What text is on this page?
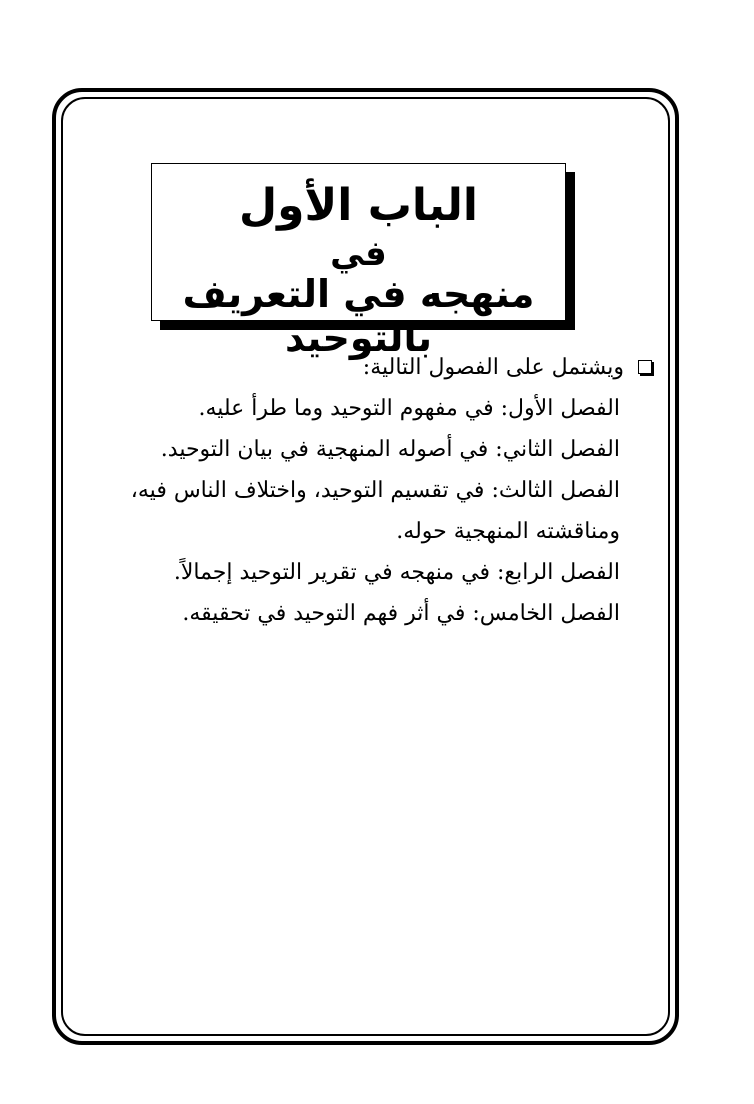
الباب الأول
في
منهجه في التعريف بالتوحيد
ويشتمل على الفصول التالية:
الفصل الأول: في مفهوم التوحيد وما طرأ عليه.
الفصل الثاني: في أصوله المنهجية في بيان التوحيد.
الفصل الثالث: في تقسيم التوحيد، واختلاف الناس فيه، ومناقشته المنهجية حوله.
الفصل الرابع: في منهجه في تقرير التوحيد إجمالاً.
الفصل الخامس: في أثر فهم التوحيد في تحقيقه.
